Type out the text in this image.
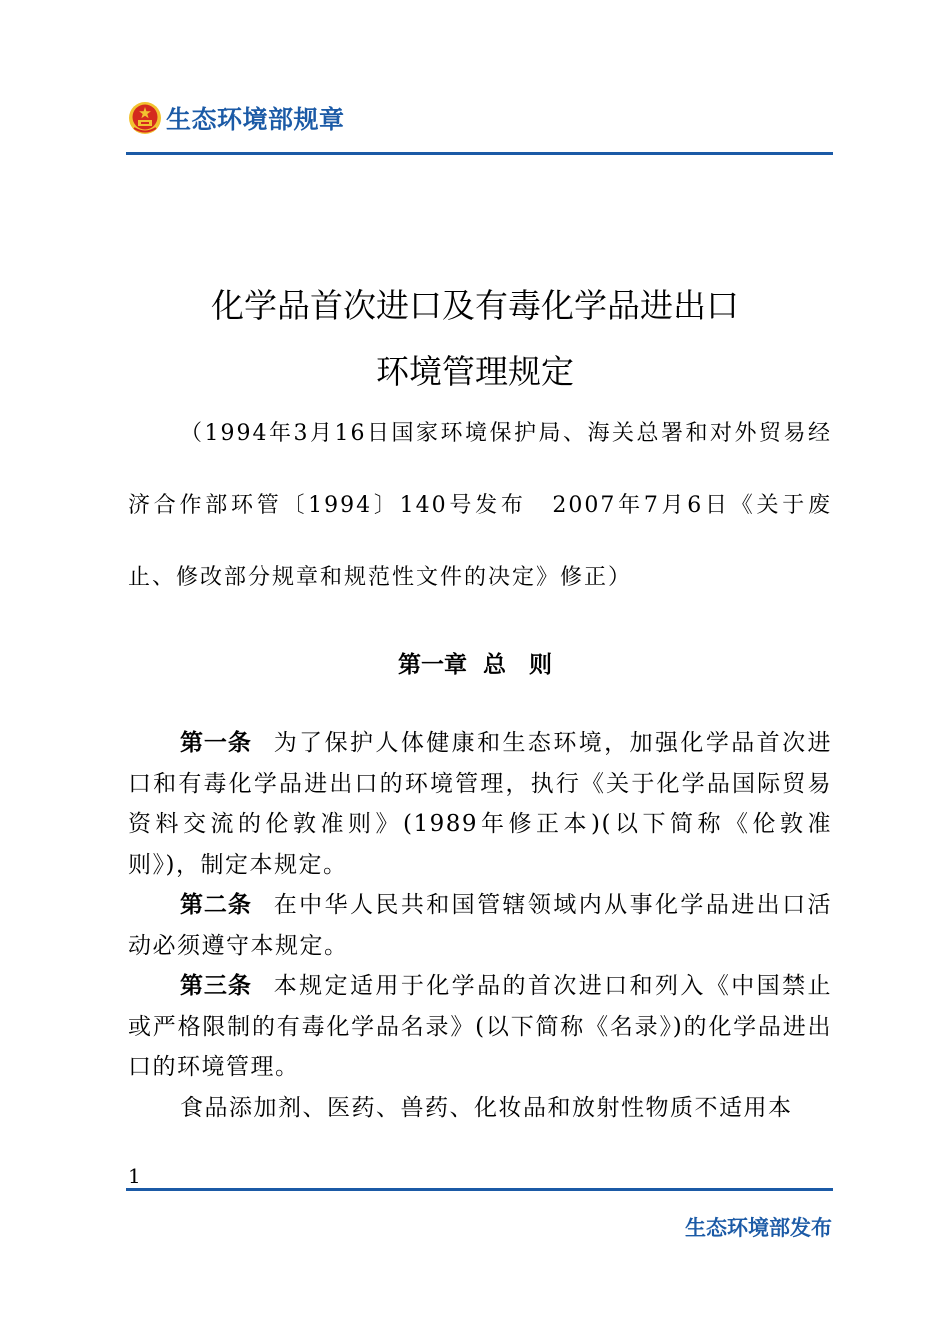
生态环境部规章
化学品首次进口及有毒化学品进出口
环境管理规定
（1994年3月16日国家环境保护局、海关总署和对外贸易经济合作部环管〔1994〕140号发布　2007年7月6日《关于废止、修改部分规章和规范性文件的决定》修正）
第一章 总　则

第一条 为了保护人体健康和生态环境，加强化学品首次进口和有毒化学品进出口的环境管理，执行《关于化学品国际贸易资料交流的伦敦准则》(1989年修正本)(以下简称《伦敦准则》)，制定本规定。

第二条 在中华人民共和国管辖领域内从事化学品进出口活动必须遵守本规定。

第三条 本规定适用于化学品的首次进口和列入《中国禁止或严格限制的有毒化学品名录》(以下简称《名录》)的化学品进出口的环境管理。

食品添加剂、医药、兽药、化妆品和放射性物质不适用本

1
生态环境部发布
